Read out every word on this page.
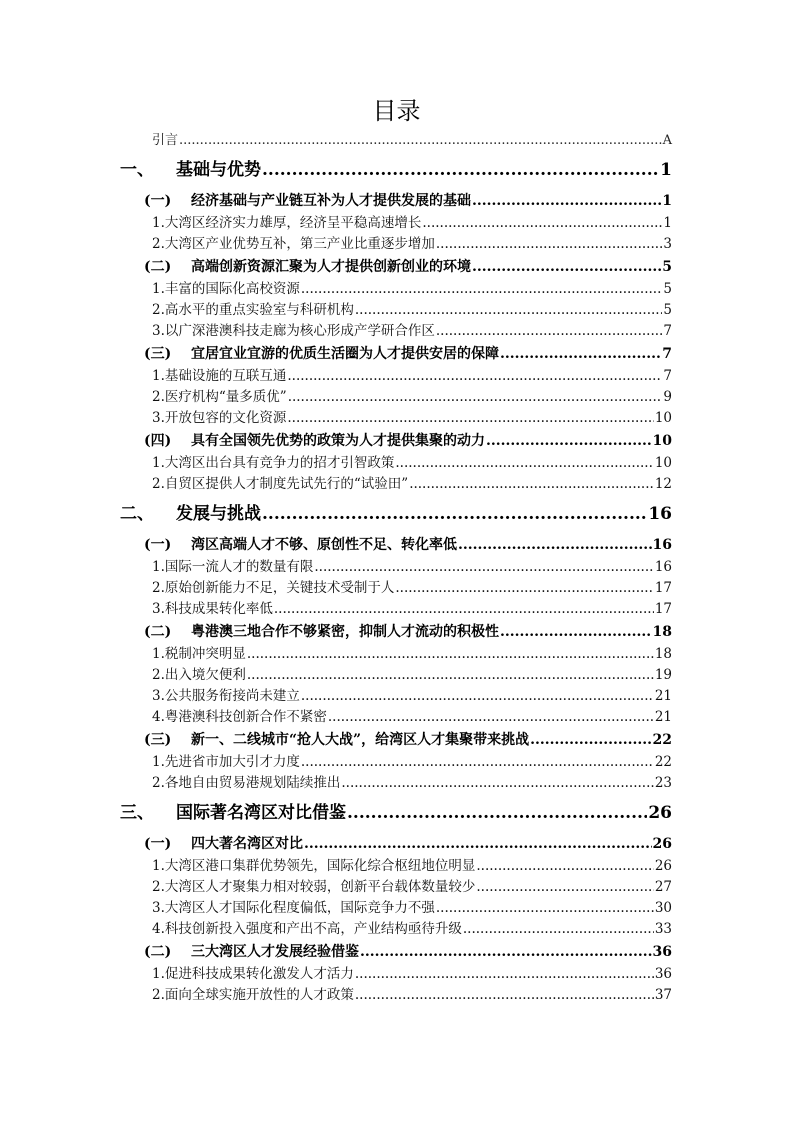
目录
引言 .....	A
一、 基础与优势 .....	1
(一) 经济基础与产业链互补为人才提供发展的基础 .....	1
1.大湾区经济实力雄厚，经济呈平稳高速增长 .....	1
2.大湾区产业优势互补，第三产业比重逐步增加 .....	3
(二) 高端创新资源汇聚为人才提供创新创业的环境 .....	5
1.丰富的国际化高校资源 .....	5
2.高水平的重点实验室与科研机构 .....	5
3.以广深港澳科技走廊为核心形成产学研合作区 .....	7
(三) 宜居宜业宜游的优质生活圈为人才提供安居的保障 .....	7
1.基础设施的互联互通 .....	7
2.医疗机构“量多质优” .....	9
3.开放包容的文化资源 .....	10
(四) 具有全国领先优势的政策为人才提供集聚的动力 .....	10
1.大湾区出台具有竞争力的招才引智政策 .....	10
2.自贸区提供人才制度先试先行的“试验田” .....	12
二、 发展与挑战 .....	16
(一) 湾区高端人才不够、原创性不足、转化率低 .....	16
1.国际一流人才的数量有限 .....	16
2.原始创新能力不足，关键技术受制于人 .....	17
3.科技成果转化率低 .....	17
(二) 粤港澳三地合作不够紧密，抑制人才流动的积极性 .....	18
1.税制冲突明显 .....	18
2.出入境欠便利 .....	19
3.公共服务衔接尚未建立 .....	21
4.粤港澳科技创新合作不紧密 .....	21
(三) 新一、二线城市“抢人大战”，给湾区人才集聚带来挑战 .....	22
1.先进省市加大引才力度 .....	22
2.各地自由贸易港规划陆续推出 .....	23
三、 国际著名湾区对比借鉴 .....	26
(一) 四大著名湾区对比 .....	26
1.大湾区港口集群优势领先，国际化综合枢纽地位明显 .....	26
2.大湾区人才聚集力相对较弱，创新平台载体数量较少 .....	27
3.大湾区人才国际化程度偏低，国际竞争力不强 .....	30
4.科技创新投入强度和产出不高，产业结构亟待升级 .....	33
(二) 三大湾区人才发展经验借鉴 .....	36
1.促进科技成果转化激发人才活力 .....	36
2.面向全球实施开放性的人才政策 .....	37
